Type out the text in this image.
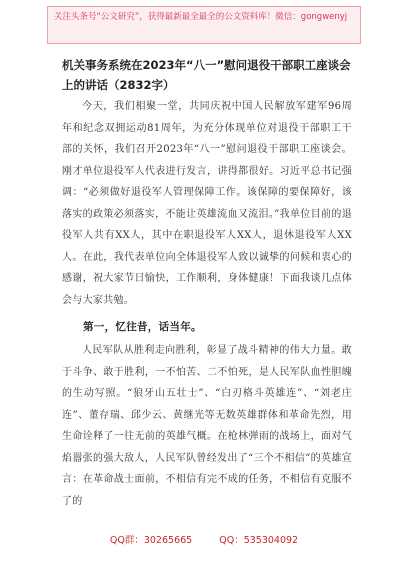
关注头条号“公文研究”，获得最新最全最全的公文资料库！微信：gongwenyj
机关事务系统在2023年“八一”慰问退役干部职工座谈会上的讲话（2832字）

今天，我们相聚一堂，共同庆祝中国人民解放军建军96周年和纪念双拥运动81周年，为充分体现单位对退役干部职工干部的关怀，我们召开2023年“八一”慰问退役干部职工座谈会。刚才单位退役军人代表进行发言，讲得都很好。习近平总书记强调：“必须做好退役军人管理保障工作。该保障的要保障好，该落实的政策必须落实，不能让英雄流血又流泪。”我单位目前的退役军人共有XX人，其中在职退役军人XX人，退休退役军人XX人。在此，我代表单位向全体退役军人致以诚挚的问候和衷心的感谢，祝大家节日愉快，工作顺利，身体健康！下面我谈几点体会与大家共勉。

第一，忆往昔，话当年。

人民军队从胜利走向胜利，彰显了战斗精神的伟大力量。敢于斗争、敢于胜利，一不怕苦、二不怕死，是人民军队血性胆魄的生动写照。“狼牙山五壮士”、“白刃格斗英雄连”、“刘老庄连”、董存瑞、邱少云、黄继光等无数英雄群体和革命先烈，用生命诠释了一往无前的英雄气概。在枪林弹雨的战场上，面对气焰嚣张的强大敌人，人民军队曾经发出了“三个不相信”的英雄宣言：在革命战士面前，不相信有完不成的任务，不相信有克服不了的

QQ群：30265665	QQ：535304092
